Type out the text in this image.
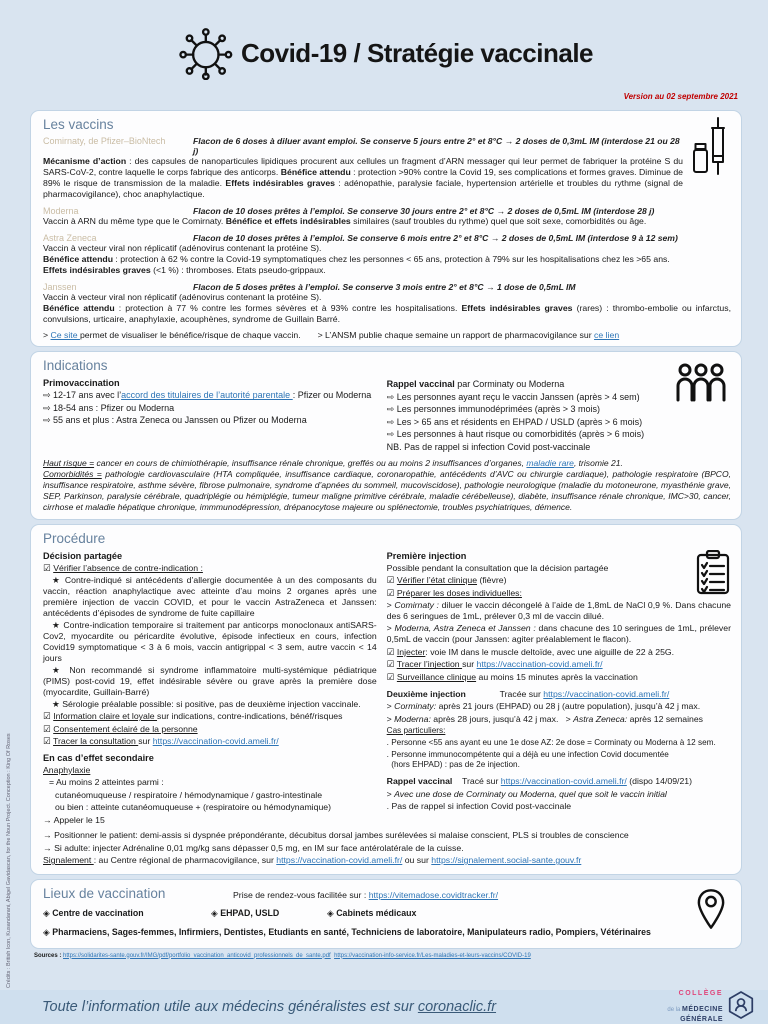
Crédits : British Icon, Kusandarani, Abigel Gavidascan, for the Noun Project. Conception : King Of Roses
Covid-19 / Stratégie vaccinale
Version au 02 septembre 2021
Les vaccins
Comirnaty, de Pfizer–BioNtech	Flacon de 6 doses à diluer avant emploi. Se conserve 5 jours entre 2° et 8°C → 2 doses de 0,3mL IM (interdose 21 ou 28 j)
Mécanisme d’action : des capsules de nanoparticules lipidiques procurent aux cellules un fragment d’ARN messager qui leur permet de fabriquer la protéine S du SARS-CoV-2, contre laquelle le corps fabrique des anticorps. Bénéfice attendu : protection >90% contre la Covid 19, ses complications et formes graves. Diminue de 89% le risque de transmission de la maladie. Effets indésirables graves : adénopathie, paralysie faciale, hypertension artérielle et troubles du rythme (signal de pharmacovigilance), choc anaphylactique.
Moderna	Flacon de 10 doses prêtes à l’emploi. Se conserve 30 jours entre 2° et 8°C → 2 doses de 0,5mL IM (interdose 28 j)
Vaccin à ARN du même type que le Comirnaty. Bénéfice et effets indésirables similaires (sauf troubles du rythme) quel que soit sexe, comorbidités ou âge.
Astra Zeneca	Flacon de 10 doses prêtes à l’emploi. Se conserve 6 mois entre 2° et 8°C → 2 doses de 0,5mL IM (interdose 9 à 12 sem)
Vaccin à vecteur viral non réplicatif (adénovirus contenant la protéine S).
Bénéfice attendu : protection à 62 % contre la Covid-19 symptomatiques chez les personnes < 65 ans, protection à 79% sur les hospitalisations chez les >65 ans.
Effets indésirables graves (<1 %) : thromboses. Etats pseudo-grippaux.
Janssen	Flacon de 5 doses prêtes à l’emploi. Se conserve 3 mois entre 2° et 8°C → 1 dose de 0,5mL IM
Vaccin à vecteur viral non réplicatif (adénovirus contenant la protéine S).
Bénéfice attendu : protection à 77 % contre les formes sévères et à 93% contre les hospitalisations. Effets indésirables graves (rares) : thrombo-embolie ou infarctus, convulsions, urticaire, anaphylaxie, acouphènes, syndrome de Guillain Barré.
> Ce site permet de visualiser le bénéfice/risque de chaque vaccin. > L’ANSM publie chaque semaine un rapport de pharmacovigilance sur ce lien
Indications
Primovaccination
⇨ 12-17 ans avec l’accord des titulaires de l’autorité parentale : Pfizer ou Moderna
⇨ 18-54 ans : Pfizer ou Moderna
⇨ 55 ans et plus : Astra Zeneca ou Janssen ou Pfizer ou Moderna
Rappel vaccinal par Corminaty ou Moderna
⇨ Les personnes ayant reçu le vaccin Janssen (après > 4 sem)
⇨ Les personnes immunodéprimées (après > 3 mois)
⇨ Les > 65 ans et résidents en EHPAD / USLD (après > 6 mois)
⇨ Les personnes à haut risque ou comorbidités (après > 6 mois)
NB. Pas de rappel si infection Covid post-vaccinale
Haut risque = cancer en cours de chimiothérapie, insuffisance rénale chronique, greffés ou au moins 2 insuffisances d’organes, maladie rare, trisomie 21.
Comorbidités = pathologie cardiovasculaire (HTA compliquée, insuffisance cardiaque, coronaropathie, antécédents d’AVC ou chirurgie cardiaque), pathologie respiratoire (BPCO, insuffisance respiratoire, asthme sévère, fibrose pulmonaire, syndrome d’apnées du sommeil, mucoviscidose), pathologie neurologique (maladie du motoneurone, myasthénie grave, SEP, Parkinson, paralysie cérébrale, quadriplégie ou hémiplégie, tumeur maligne primitive cérébrale, maladie cérébelleuse), diabète, insuffisance rénale chronique, IMC>30, cancer, cirrhose et maladie hépatique chronique, immmunodépression, drépanocytose majeure ou splénectomie, troubles psychiatriques, démence.
Procédure
Décision partagée
☑ Vérifier l’absence de contre-indication :
★ Contre-indiqué si antécédents d’allergie documentée à un des composants du vaccin, réaction anaphylactique avec atteinte d’au moins 2 organes après une première injection de vaccin COVID, et pour le vaccin AstraZeneca et Janssen: antécédents d’épisodes de syndrome de fuite capillaire
★ Contre-indication temporaire si traitement par anticorps monoclonaux antiSARS-Cov2, myocardite ou péricardite évolutive, épisode infectieux en cours, infection Covid19 symptomatique < 3 à 6 mois, vaccin antigrippal < 3 sem, autre vaccin < 14 jours
★ Non recommandé si syndrome inflammatoire multi-systémique pédiatrique (PIMS) post-covid 19, effet indésirable sévère ou grave après la première dose (myocardite, Guillain-Barré)
★ Sérologie préalable possible: si positive, pas de deuxième injection vaccinale.
☑ Information claire et loyale sur indications, contre-indications, bénéf/risques
☑ Consentement éclairé de la personne
☑ Tracer la consultation sur https://vaccination-covid.ameli.fr/
En cas d’effet secondaire
Anaphylaxie
= Au moins 2 atteintes parmi :
cutanéomuqueuse / respiratoire / hémodynamique / gastro-intestinale
ou bien : atteinte cutanéomuqueuse + (respiratoire ou hémodynamique)
→ Appeler le 15
Première injection
Possible pendant la consultation que la décision partagée
☑ Vérifier l’état clinique (fièvre)
☑ Préparer les doses individuelles:
> Comirnaty : diluer le vaccin décongelé à l’aide de 1,8mL de NaCl 0,9 %. Dans chacune des 6 seringues de 1mL, prélever 0,3 ml de vaccin dilué.
> Moderna, Astra Zeneca et Janssen : dans chacune des 10 seringues de 1mL, prélever 0,5mL de vaccin (pour Janssen: agiter préalablement le flacon).
☑ Injecter: voie IM dans le muscle deltoïde, avec une aiguille de 22 à 25G.
☑ Tracer l’injection sur https://vaccination-covid.ameli.fr/
☑ Surveillance clinique au moins 15 minutes après la vaccination
Deuxième injection	Tracée sur https://vaccination-covid.ameli.fr/
> Corminaty: après 21 jours (EHPAD) ou 28 j (autre population), jusqu’à 42 j max.
> Moderna: après 28 jours, jusqu’à 42 j max.   > Astra Zeneca: après 12 semaines
Cas particuliers:
. Personne <55 ans ayant eu une 1e dose AZ: 2e dose = Corminaty ou Moderna à 12 sem.
. Personne immunocompétente qui a déjà eu une infection Covid documentée
(hors EHPAD) : pas de 2e injection.
Rappel vaccinal Tracé sur https://vaccination-covid.ameli.fr/ (dispo 14/09/21)
> Avec une dose de Corminaty ou Moderna, quel que soit le vaccin initial
. Pas de rappel si infection Covid post-vaccinale
→ Positionner le patient: demi-assis si dyspnée prépondérante, décubitus dorsal jambes surélevées si malaise conscient, PLS si troubles de conscience
→ Si adulte: injecter Adrénaline 0,01 mg/kg sans dépasser 0,5 mg, en IM sur face antérolatérale de la cuisse.
Signalement : au Centre régional de pharmacovigilance, sur https://vaccination-covid.ameli.fr/ ou sur https://signalement.social-sante.gouv.fr
Lieux de vaccination	Prise de rendez-vous facilitée sur : https://vitemadose.covidtracker.fr/
◈ Centre de vaccination	◈ EHPAD, USLD	◈ Cabinets médicaux
◈ Pharmaciens, Sages-femmes, Infirmiers, Dentistes, Etudiants en santé, Techniciens de laboratoire, Manipulateurs radio, Pompiers, Vétérinaires
Sources : https://solidarites-sante.gouv.fr/IMG/pdf/portfolio_vaccination_anticovid_professionnels_de_sante.pdf https://vaccination-info-service.fr/Les-maladies-et-leurs-vaccins/COVID-19
Toute l’information utile aux médecins généralistes est sur coronaclic.fr
COLLÈGE
de la MÉDECINE
GÉNÉRALE
